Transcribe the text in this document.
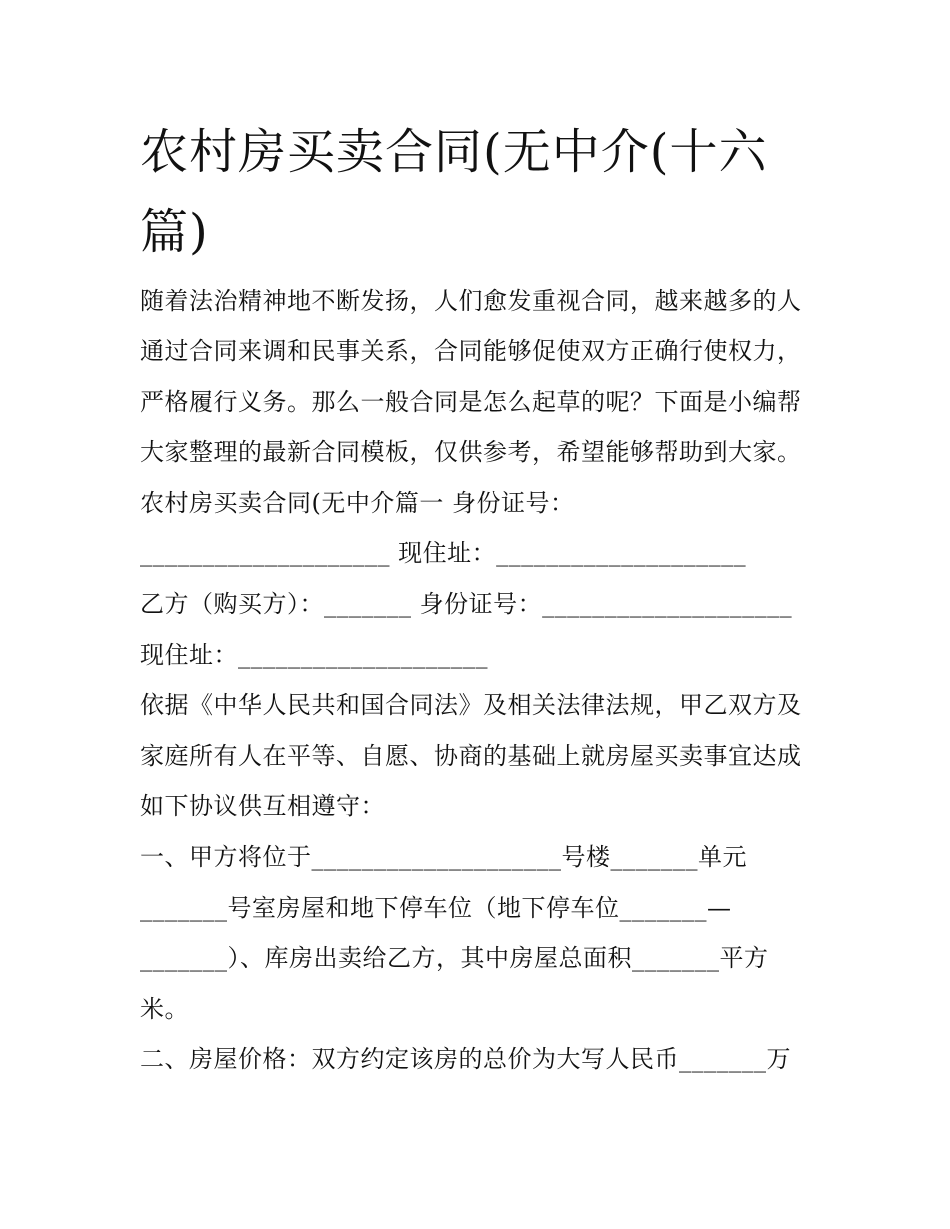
农村房买卖合同(无中介(十六
篇)
随着法治精神地不断发扬，人们愈发重视合同，越来越多的人
通过合同来调和民事关系，合同能够促使双方正确行使权力，
严格履行义务。那么一般合同是怎么起草的呢？下面是小编帮
大家整理的最新合同模板，仅供参考，希望能够帮助到大家。
农村房买卖合同(无中介篇一 身份证号：
____________________ 现住址：____________________
乙方（购买方）：_______ 身份证号：____________________
现住址：____________________
依据《中华人民共和国合同法》及相关法律法规，甲乙双方及
家庭所有人在平等、自愿、协商的基础上就房屋买卖事宜达成
如下协议供互相遵守：
一、甲方将位于____________________号楼_______单元
_______号室房屋和地下停车位（地下停车位_______—
_______）、库房出卖给乙方，其中房屋总面积_______平方
米。
二、房屋价格：双方约定该房的总价为大写人民币_______万
